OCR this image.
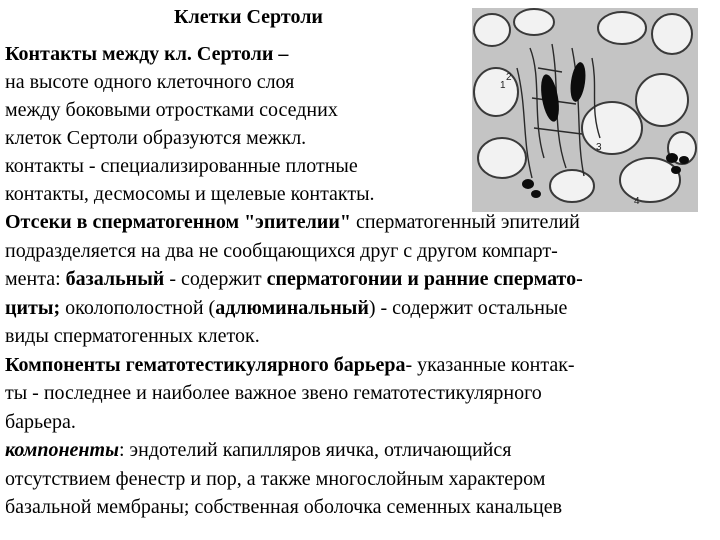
Клетки Сертоли
1
2
3
4
Контакты между кл. Сертоли –
на высоте одного клеточного слоя
между боковыми отростками соседних
клеток Сертоли образуются межкл.
контакты - специализированные плотные
контакты, десмосомы и щелевые контакты.
Отсеки в сперматогенном "эпителии" сперматогенный эпителий
подразделяется на два не сообщающихся друг с другом компарт-
мента: базальный - содержит сперматогонии и ранние спермато-
циты; околополостной (адлюминальный) - содержит остальные
виды сперматогенных клеток.
Компоненты гематотестикулярного барьера- указанные контак-
ты - последнее и наиболее важное звено гематотестикулярного
барьера.
компоненты: эндотелий капилляров яичка, отличающийся
отсутствием фенестр и пор, а также многослойным характером
базальной мембраны; собственная оболочка семенных канальцев
